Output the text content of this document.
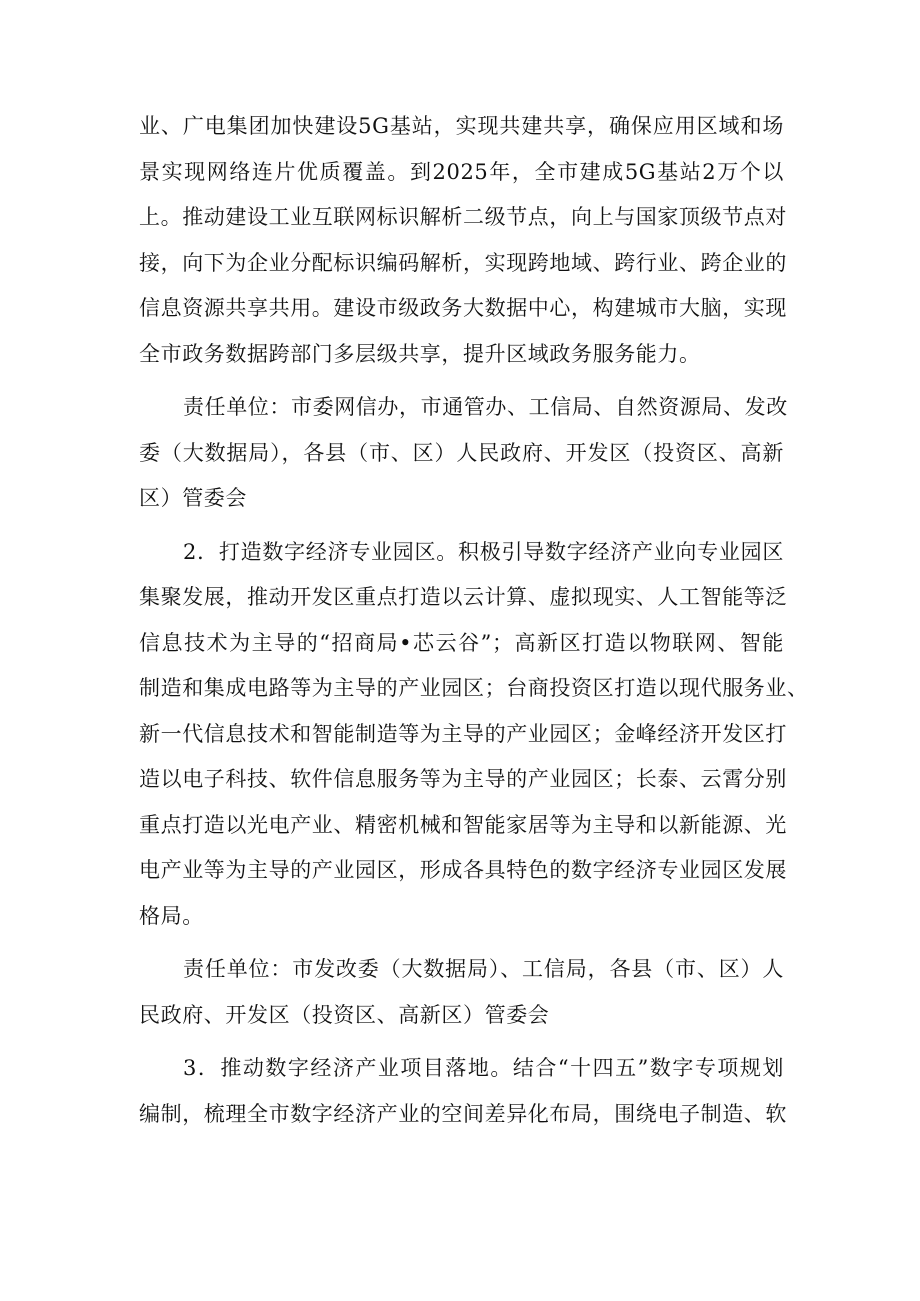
业、广电集团加快建设5G基站，实现共建共享，确保应用区域和场
景实现网络连片优质覆盖。到2025年，全市建成5G基站2万个以
上。推动建设工业互联网标识解析二级节点，向上与国家顶级节点对
接，向下为企业分配标识编码解析，实现跨地域、跨行业、跨企业的
信息资源共享共用。建设市级政务大数据中心，构建城市大脑，实现
全市政务数据跨部门多层级共享，提升区域政务服务能力。
责任单位：市委网信办，市通管办、工信局、自然资源局、发改
委（大数据局），各县（市、区）人民政府、开发区（投资区、高新
区）管委会
2．打造数字经济专业园区。积极引导数字经济产业向专业园区
集聚发展，推动开发区重点打造以云计算、虚拟现实、人工智能等泛
信息技术为主导的“招商局•芯云谷”；高新区打造以物联网、智能
制造和集成电路等为主导的产业园区；台商投资区打造以现代服务业、
新一代信息技术和智能制造等为主导的产业园区；金峰经济开发区打
造以电子科技、软件信息服务等为主导的产业园区；长泰、云霄分别
重点打造以光电产业、精密机械和智能家居等为主导和以新能源、光
电产业等为主导的产业园区，形成各具特色的数字经济专业园区发展
格局。
责任单位：市发改委（大数据局）、工信局，各县（市、区）人
民政府、开发区（投资区、高新区）管委会
3．推动数字经济产业项目落地。结合“十四五”数字专项规划
编制，梳理全市数字经济产业的空间差异化布局，围绕电子制造、软
